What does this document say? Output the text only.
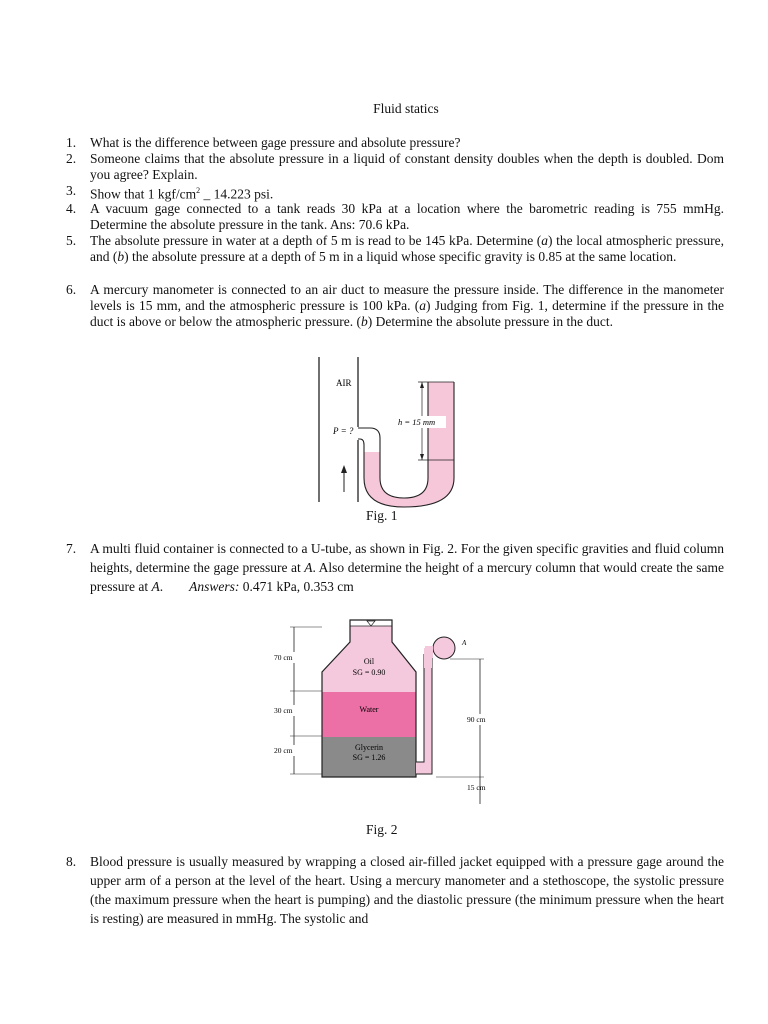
Fluid statics
1. What is the difference between gage pressure and absolute pressure?
2. Someone claims that the absolute pressure in a liquid of constant density doubles when the depth is doubled. Dom you agree? Explain.
3. Show that 1 kgf/$cm^2$ _ 14.223 psi.
4. A vacuum gage connected to a tank reads 30 kPa at a location where the barometric reading is 755 mmHg. Determine the absolute pressure in the tank. Ans: 70.6 kPa.
5. The absolute pressure in water at a depth of 5 m is read to be 145 kPa. Determine (a) the local atmospheric pressure, and (b) the absolute pressure at a depth of 5 m in a liquid whose specific gravity is 0.85 at the same location.
6. A mercury manometer is connected to an air duct to measure the pressure inside. The difference in the manometer levels is 15 mm, and the atmospheric pressure is 100 kPa. (a) Judging from Fig. 1, determine if the pressure in the duct is above or below the atmospheric pressure. (b) Determine the absolute pressure in the duct.
AIR
P = ?
h = 15 mm
Fig. 1
7. A multi fluid container is connected to a U-tube, as shown in Fig. 2. For the given specific gravities and fluid column heights, determine the gage pressure at A. Also determine the height of a mercury column that would create the same pressure at A. Answers: 0.471 kPa, 0.353 cm
A
Oil
SG = 0.90
Water
Glycerin
SG = 1.26
70 cm
30 cm
20 cm
90 cm
15 cm
Fig. 2
8. Blood pressure is usually measured by wrapping a closed air-filled jacket equipped with a pressure gage around the upper arm of a person at the level of the heart. Using a mercury manometer and a stethoscope, the systolic pressure (the maximum pressure when the heart is pumping) and the diastolic pressure (the minimum pressure when the heart is resting) are measured in mmHg. The systolic and
